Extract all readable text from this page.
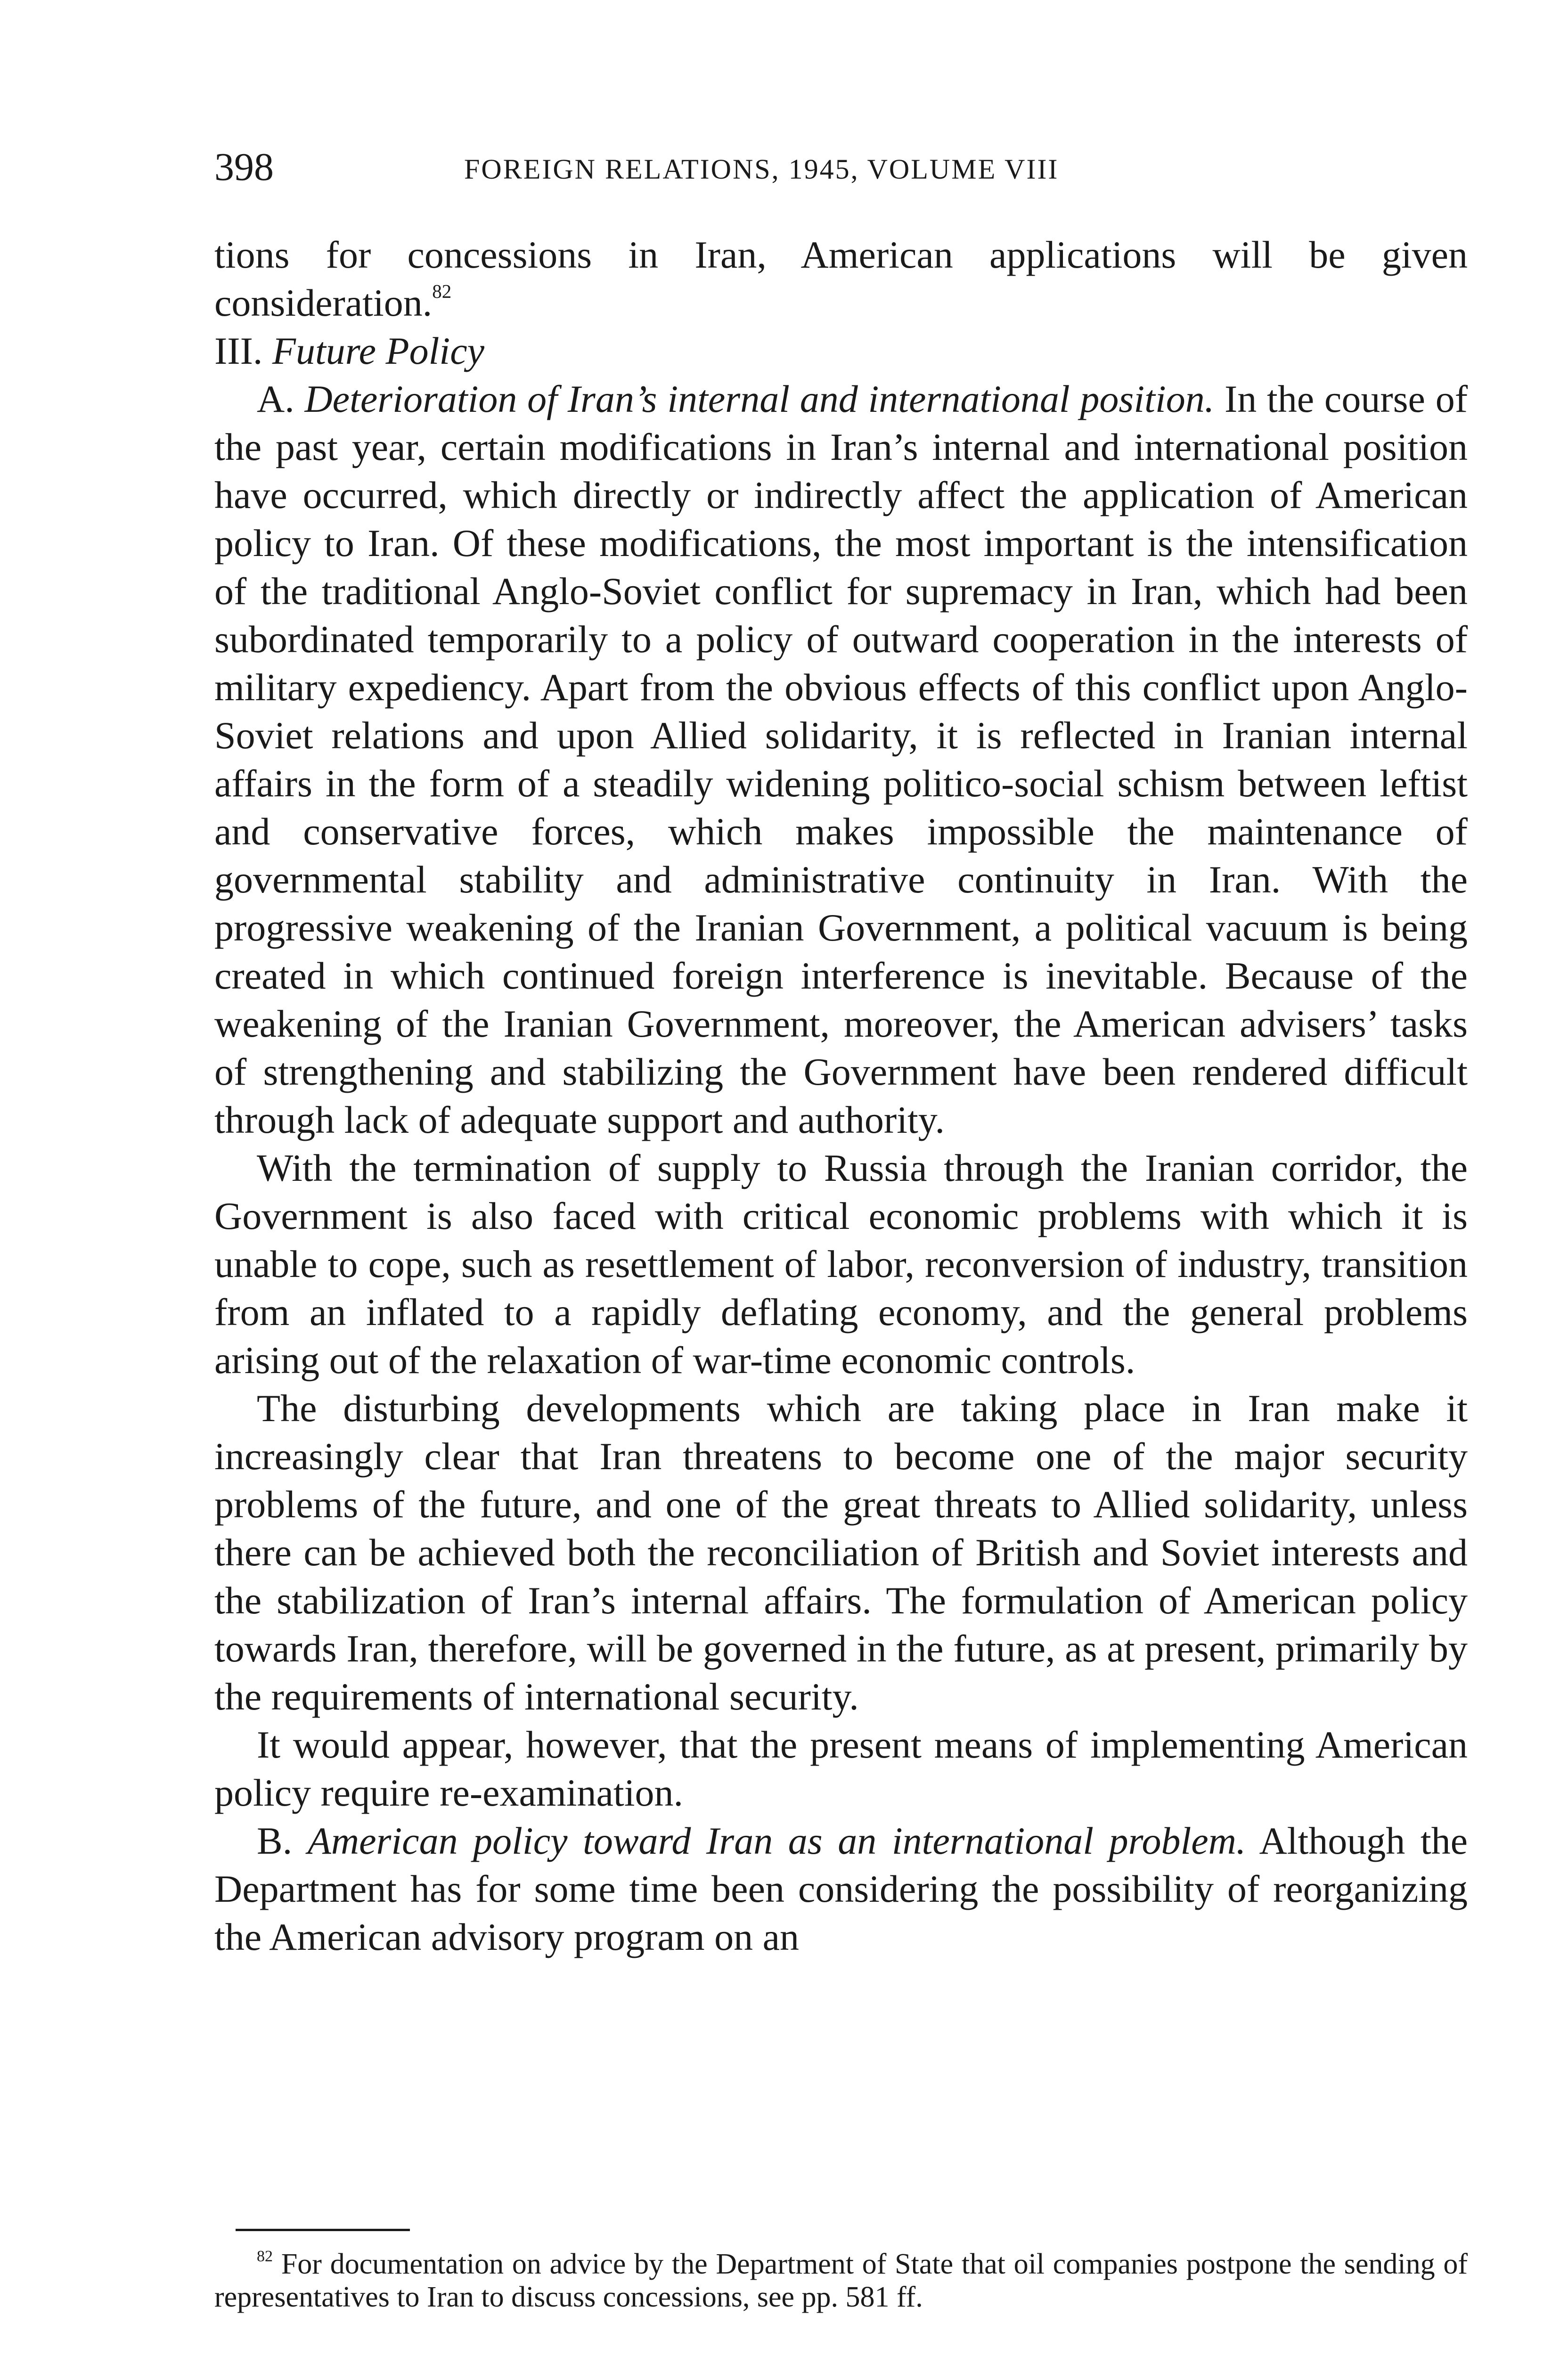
398	FOREIGN RELATIONS, 1945, VOLUME VIII

tions for concessions in Iran, American applications will be given consideration.$^{82}$

III. Future Policy

A. Deterioration of Iran’s internal and international position. In the course of the past year, certain modifications in Iran’s internal and international position have occurred, which directly or indirectly affect the application of American policy to Iran. Of these modifications, the most important is the intensification of the traditional Anglo-Soviet conflict for supremacy in Iran, which had been subordinated temporarily to a policy of outward cooperation in the interests of military expediency. Apart from the obvious effects of this conflict upon Anglo-Soviet relations and upon Allied solidarity, it is reflected in Iranian internal affairs in the form of a steadily widening politico-social schism between leftist and conservative forces, which makes impossible the maintenance of governmental stability and administrative continuity in Iran. With the progressive weakening of the Iranian Government, a political vacuum is being created in which continued foreign interference is inevitable. Because of the weakening of the Iranian Government, moreover, the American advisers’ tasks of strengthening and stabilizing the Government have been rendered difficult through lack of adequate support and authority.

With the termination of supply to Russia through the Iranian corridor, the Government is also faced with critical economic problems with which it is unable to cope, such as resettlement of labor, reconversion of industry, transition from an inflated to a rapidly deflating economy, and the general problems arising out of the relaxation of war-time economic controls.

The disturbing developments which are taking place in Iran make it increasingly clear that Iran threatens to become one of the major security problems of the future, and one of the great threats to Allied solidarity, unless there can be achieved both the reconciliation of British and Soviet interests and the stabilization of Iran’s internal affairs. The formulation of American policy towards Iran, therefore, will be governed in the future, as at present, primarily by the requirements of international security.

It would appear, however, that the present means of implementing American policy require re-examination.

B. American policy toward Iran as an international problem. Although the Department has for some time been considering the possibility of reorganizing the American advisory program on an

$^{82}$ For documentation on advice by the Department of State that oil companies postpone the sending of representatives to Iran to discuss concessions, see pp. 581 ff.
